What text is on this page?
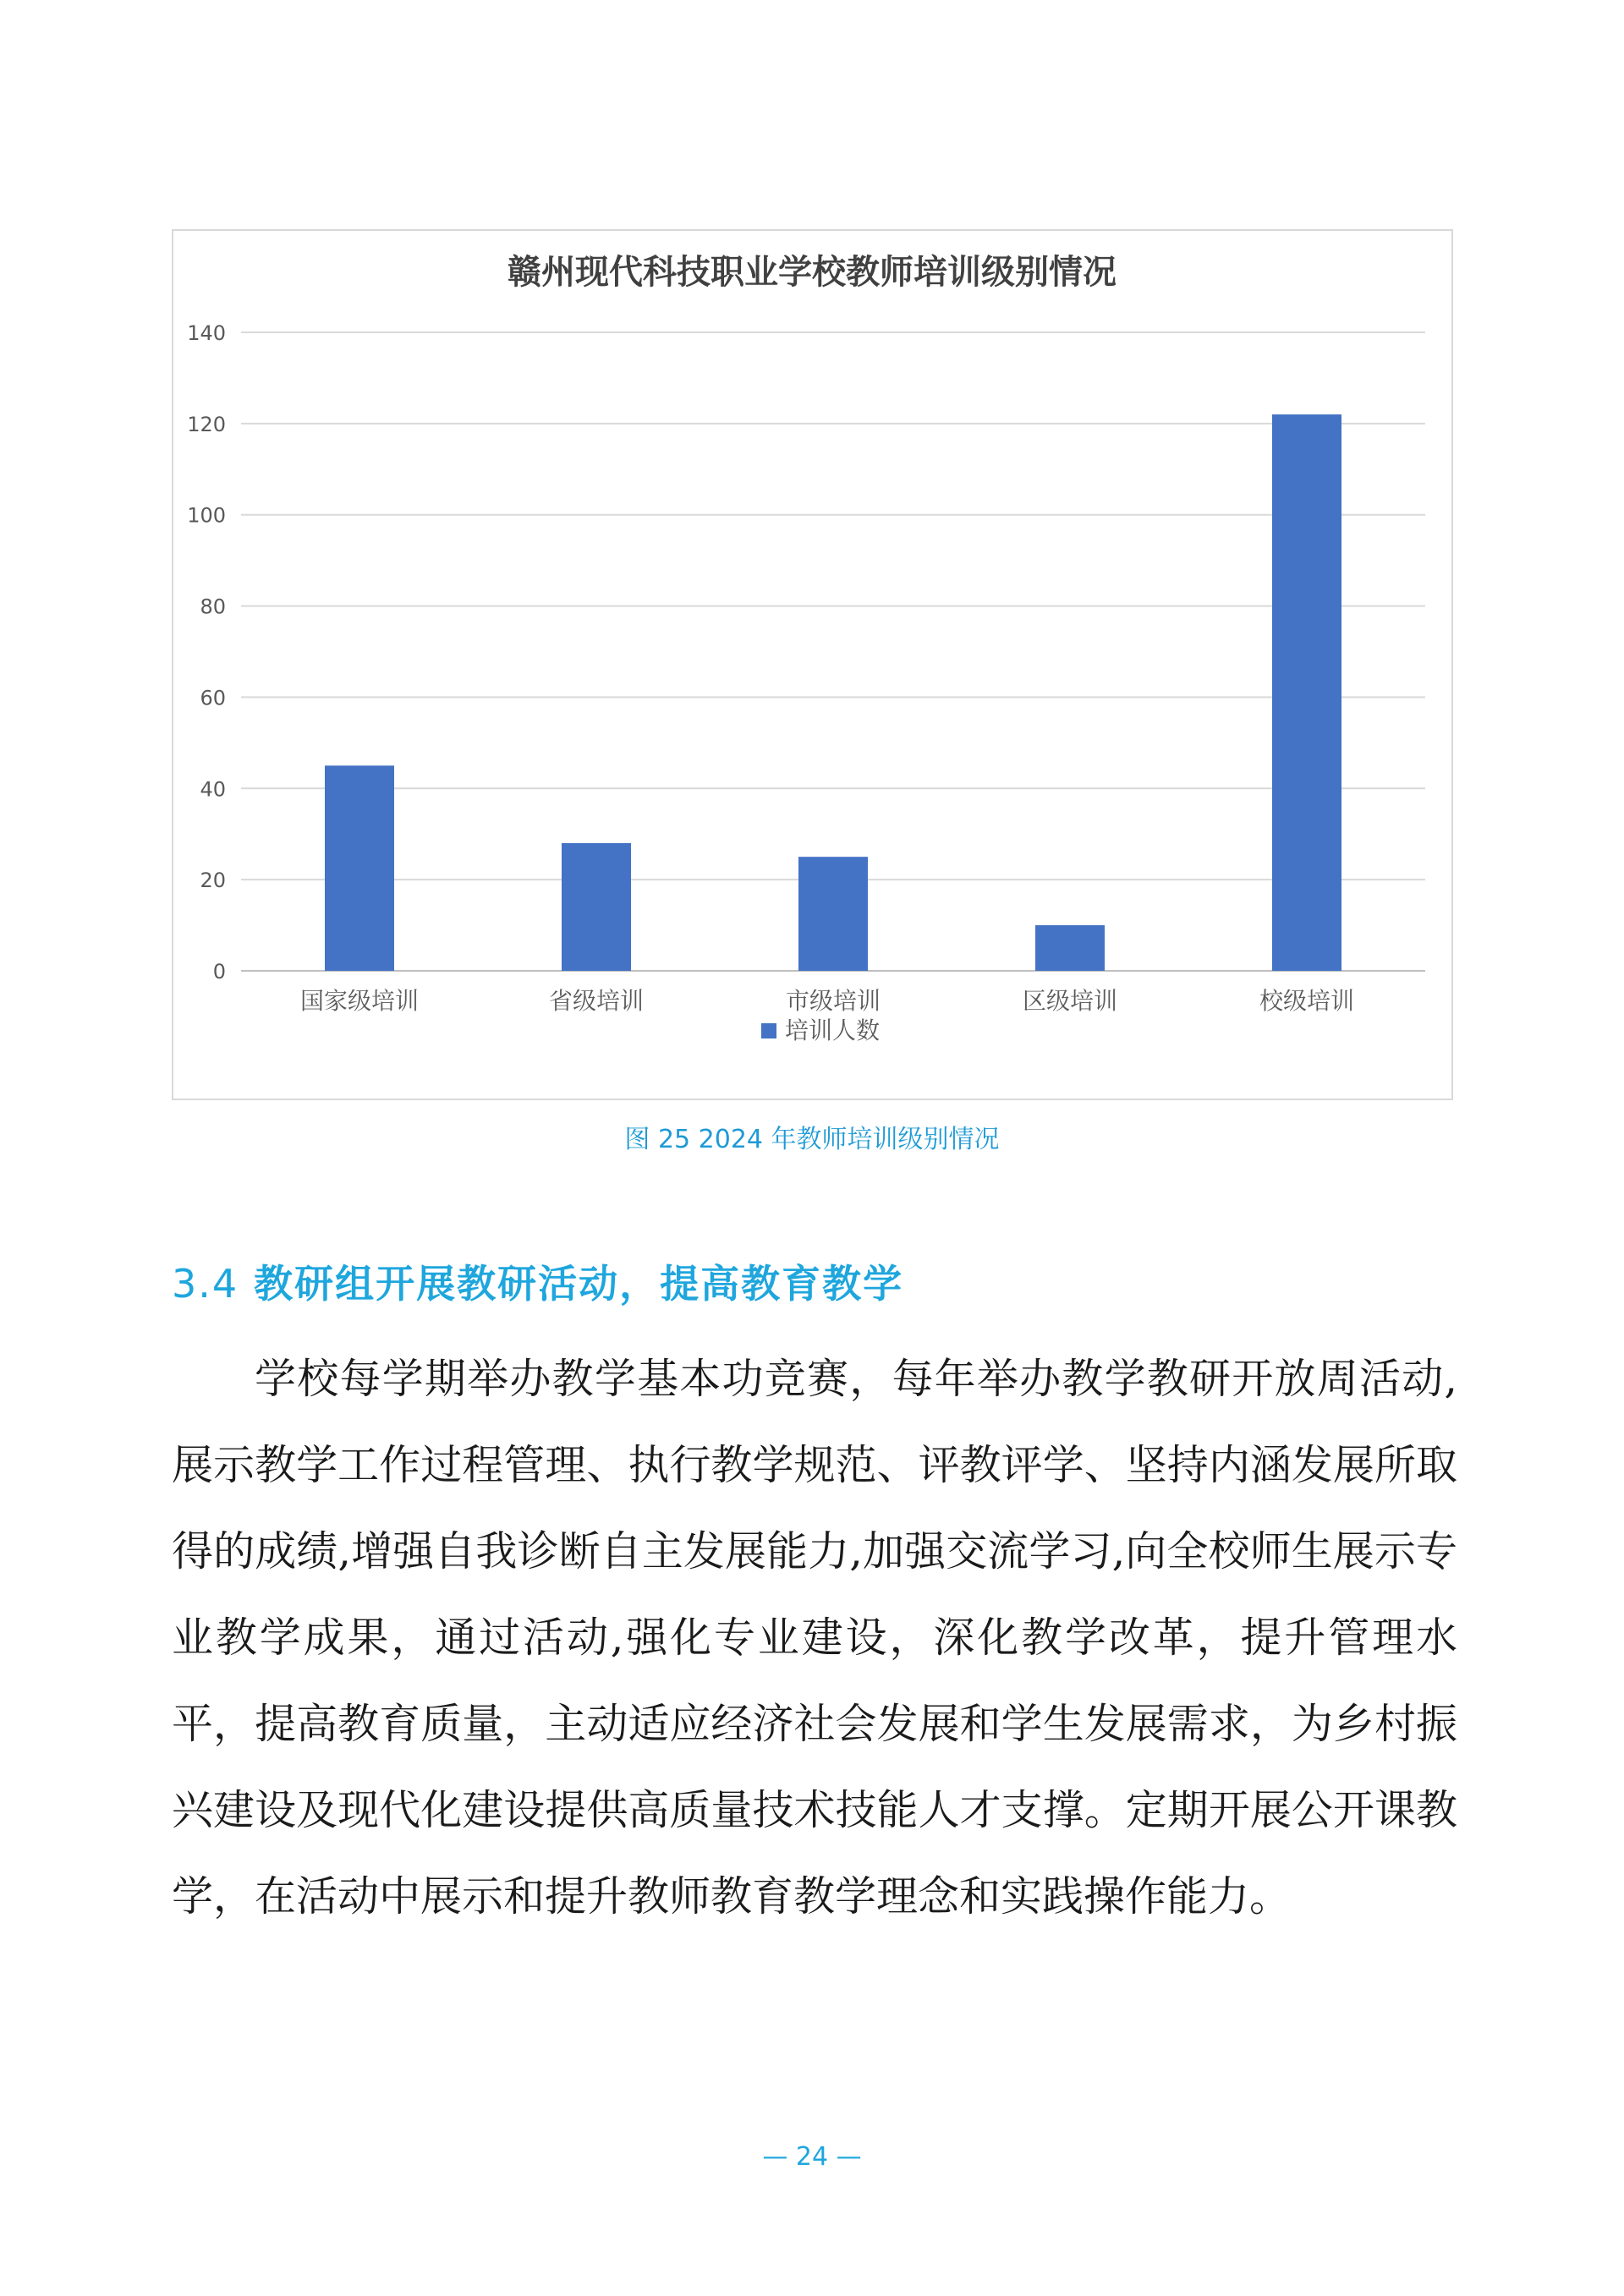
赣州现代科技职业学校教师培训级别情况
0
20
40
60
80
100
120
140
国家级培训	省级培训	市级培训	区级培训	校级培训
培训人数
图 25 2024 年教师培训级别情况
3.4 教研组开展教研活动，提高教育教学

学校每学期举办教学基本功竞赛，每年举办教学教研开放周活动,展示教学工作过程管理、执行教学规范、评教评学、坚持内涵发展所取得的成绩,增强自我诊断自主发展能力,加强交流学习,向全校师生展示专业教学成果，通过活动,强化专业建设，深化教学改革，提升管理水平，提高教育质量，主动适应经济社会发展和学生发展需求，为乡村振兴建设及现代化建设提供高质量技术技能人才支撑。定期开展公开课教学，在活动中展示和提升教师教育教学理念和实践操作能力。

— 24 —
